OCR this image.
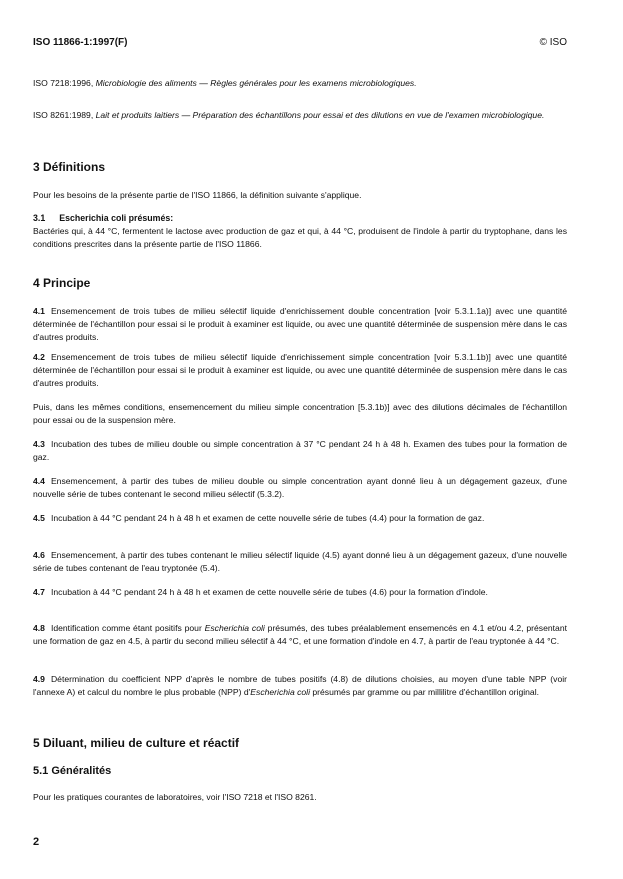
ISO 11866-1:1997(F)	© ISO

ISO 7218:1996, Microbiologie des aliments — Règles générales pour les examens microbiologiques.

ISO 8261:1989, Lait et produits laitiers — Préparation des échantillons pour essai et des dilutions en vue de l'examen microbiologique.

3 Définitions

Pour les besoins de la présente partie de l'ISO 11866, la définition suivante s'applique.

3.1 Escherichia coli présumés:

Bactéries qui, à 44 °C, fermentent le lactose avec production de gaz et qui, à 44 °C, produisent de l'indole à partir du tryptophane, dans les conditions prescrites dans la présente partie de l'ISO 11866.

4 Principe

4.1 Ensemencement de trois tubes de milieu sélectif liquide d'enrichissement double concentration [voir 5.3.1.1a)] avec une quantité déterminée de l'échantillon pour essai si le produit à examiner est liquide, ou avec une quantité déterminée de suspension mère dans le cas d'autres produits.

4.2 Ensemencement de trois tubes de milieu sélectif liquide d'enrichissement simple concentration [voir 5.3.1.1b)] avec une quantité déterminée de l'échantillon pour essai si le produit à examiner est liquide, ou avec une quantité déterminée de suspension mère dans le cas d'autres produits.

Puis, dans les mêmes conditions, ensemencement du milieu simple concentration [5.3.1b)] avec des dilutions décimales de l'échantillon pour essai ou de la suspension mère.

4.3 Incubation des tubes de milieu double ou simple concentration à 37 °C pendant 24 h à 48 h. Examen des tubes pour la formation de gaz.

4.4 Ensemencement, à partir des tubes de milieu double ou simple concentration ayant donné lieu à un dégagement gazeux, d'une nouvelle série de tubes contenant le second milieu sélectif (5.3.2).

4.5 Incubation à 44 °C pendant 24 h à 48 h et examen de cette nouvelle série de tubes (4.4) pour la formation de gaz.

4.6 Ensemencement, à partir des tubes contenant le milieu sélectif liquide (4.5) ayant donné lieu à un dégagement gazeux, d'une nouvelle série de tubes contenant de l'eau tryptonée (5.4).

4.7 Incubation à 44 °C pendant 24 h à 48 h et examen de cette nouvelle série de tubes (4.6) pour la formation d'indole.

4.8 Identification comme étant positifs pour Escherichia coli présumés, des tubes préalablement ensemencés en 4.1 et/ou 4.2, présentant une formation de gaz en 4.5, à partir du second milieu sélectif à 44 °C, et une formation d'indole en 4.7, à partir de l'eau tryptonée à 44 °C.

4.9 Détermination du coefficient NPP d'après le nombre de tubes positifs (4.8) de dilutions choisies, au moyen d'une table NPP (voir l'annexe A) et calcul du nombre le plus probable (NPP) d'Escherichia coli présumés par gramme ou par millilitre d'échantillon original.

5 Diluant, milieu de culture et réactif
5.1 Généralités

Pour les pratiques courantes de laboratoires, voir l'ISO 7218 et l'ISO 8261.

2
